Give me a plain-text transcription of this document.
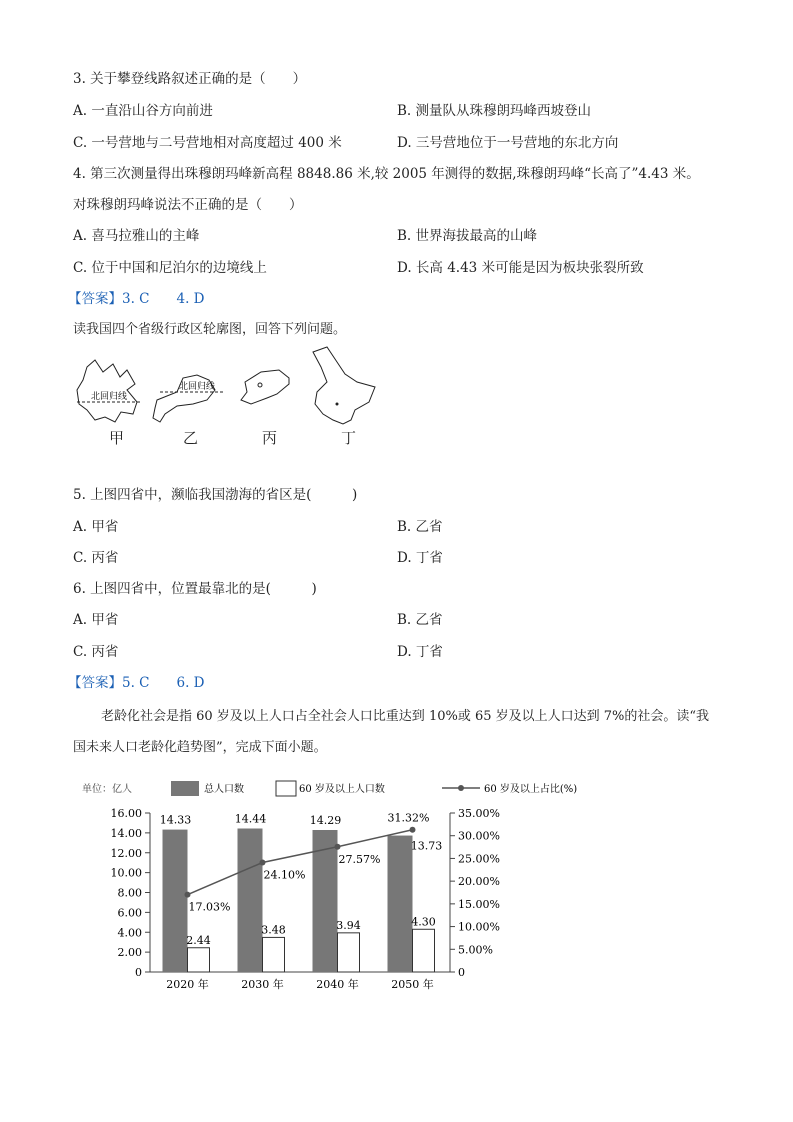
3. 关于攀登线路叙述正确的是（　　）
A. 一直沿山谷方向前进	B. 测量队从珠穆朗玛峰西坡登山
C. 一号营地与二号营地相对高度超过 400 米	D. 三号营地位于一号营地的东北方向
4. 第三次测量得出珠穆朗玛峰新高程 8848.86 米,较 2005 年测得的数据,珠穆朗玛峰“长高了”4.43 米。
对珠穆朗玛峰说法不正确的是（　　）
A. 喜马拉雅山的主峰	B. 世界海拔最高的山峰
C. 位于中国和尼泊尔的边境线上	D. 长高 4.43 米可能是因为板块张裂所致
【答案】3. C　　4. D
读我国四个省级行政区轮廓图，回答下列问题。
北回归线
北回归线
甲	乙	丙	丁
5. 上图四省中，濒临我国渤海的省区是(　　　)
A. 甲省	B. 乙省
C. 丙省	D. 丁省
6. 上图四省中，位置最靠北的是(　　　)
A. 甲省	B. 乙省
C. 丙省	D. 丁省
【答案】5. C　　6. D
老龄化社会是指 60 岁及以上人口占全社会人口比重达到 10%或 65 岁及以上人口达到 7%的社会。读“我
国未来人口老龄化趋势图”，完成下面小题。
单位：亿人	总人口数	60 岁及以上人口数	60 岁及以上占比(%)
0
2.00
4.00
6.00
8.00
10.00
12.00
14.00
16.00
0
5.00%
10.00%
15.00%
20.00%
25.00%
30.00%
35.00%
14.33
2.44
2020 年
14.44
3.48
2030 年
14.29
3.94
2040 年
13.73
4.30
2050 年
17.03%
24.10%
27.57%
31.32%
